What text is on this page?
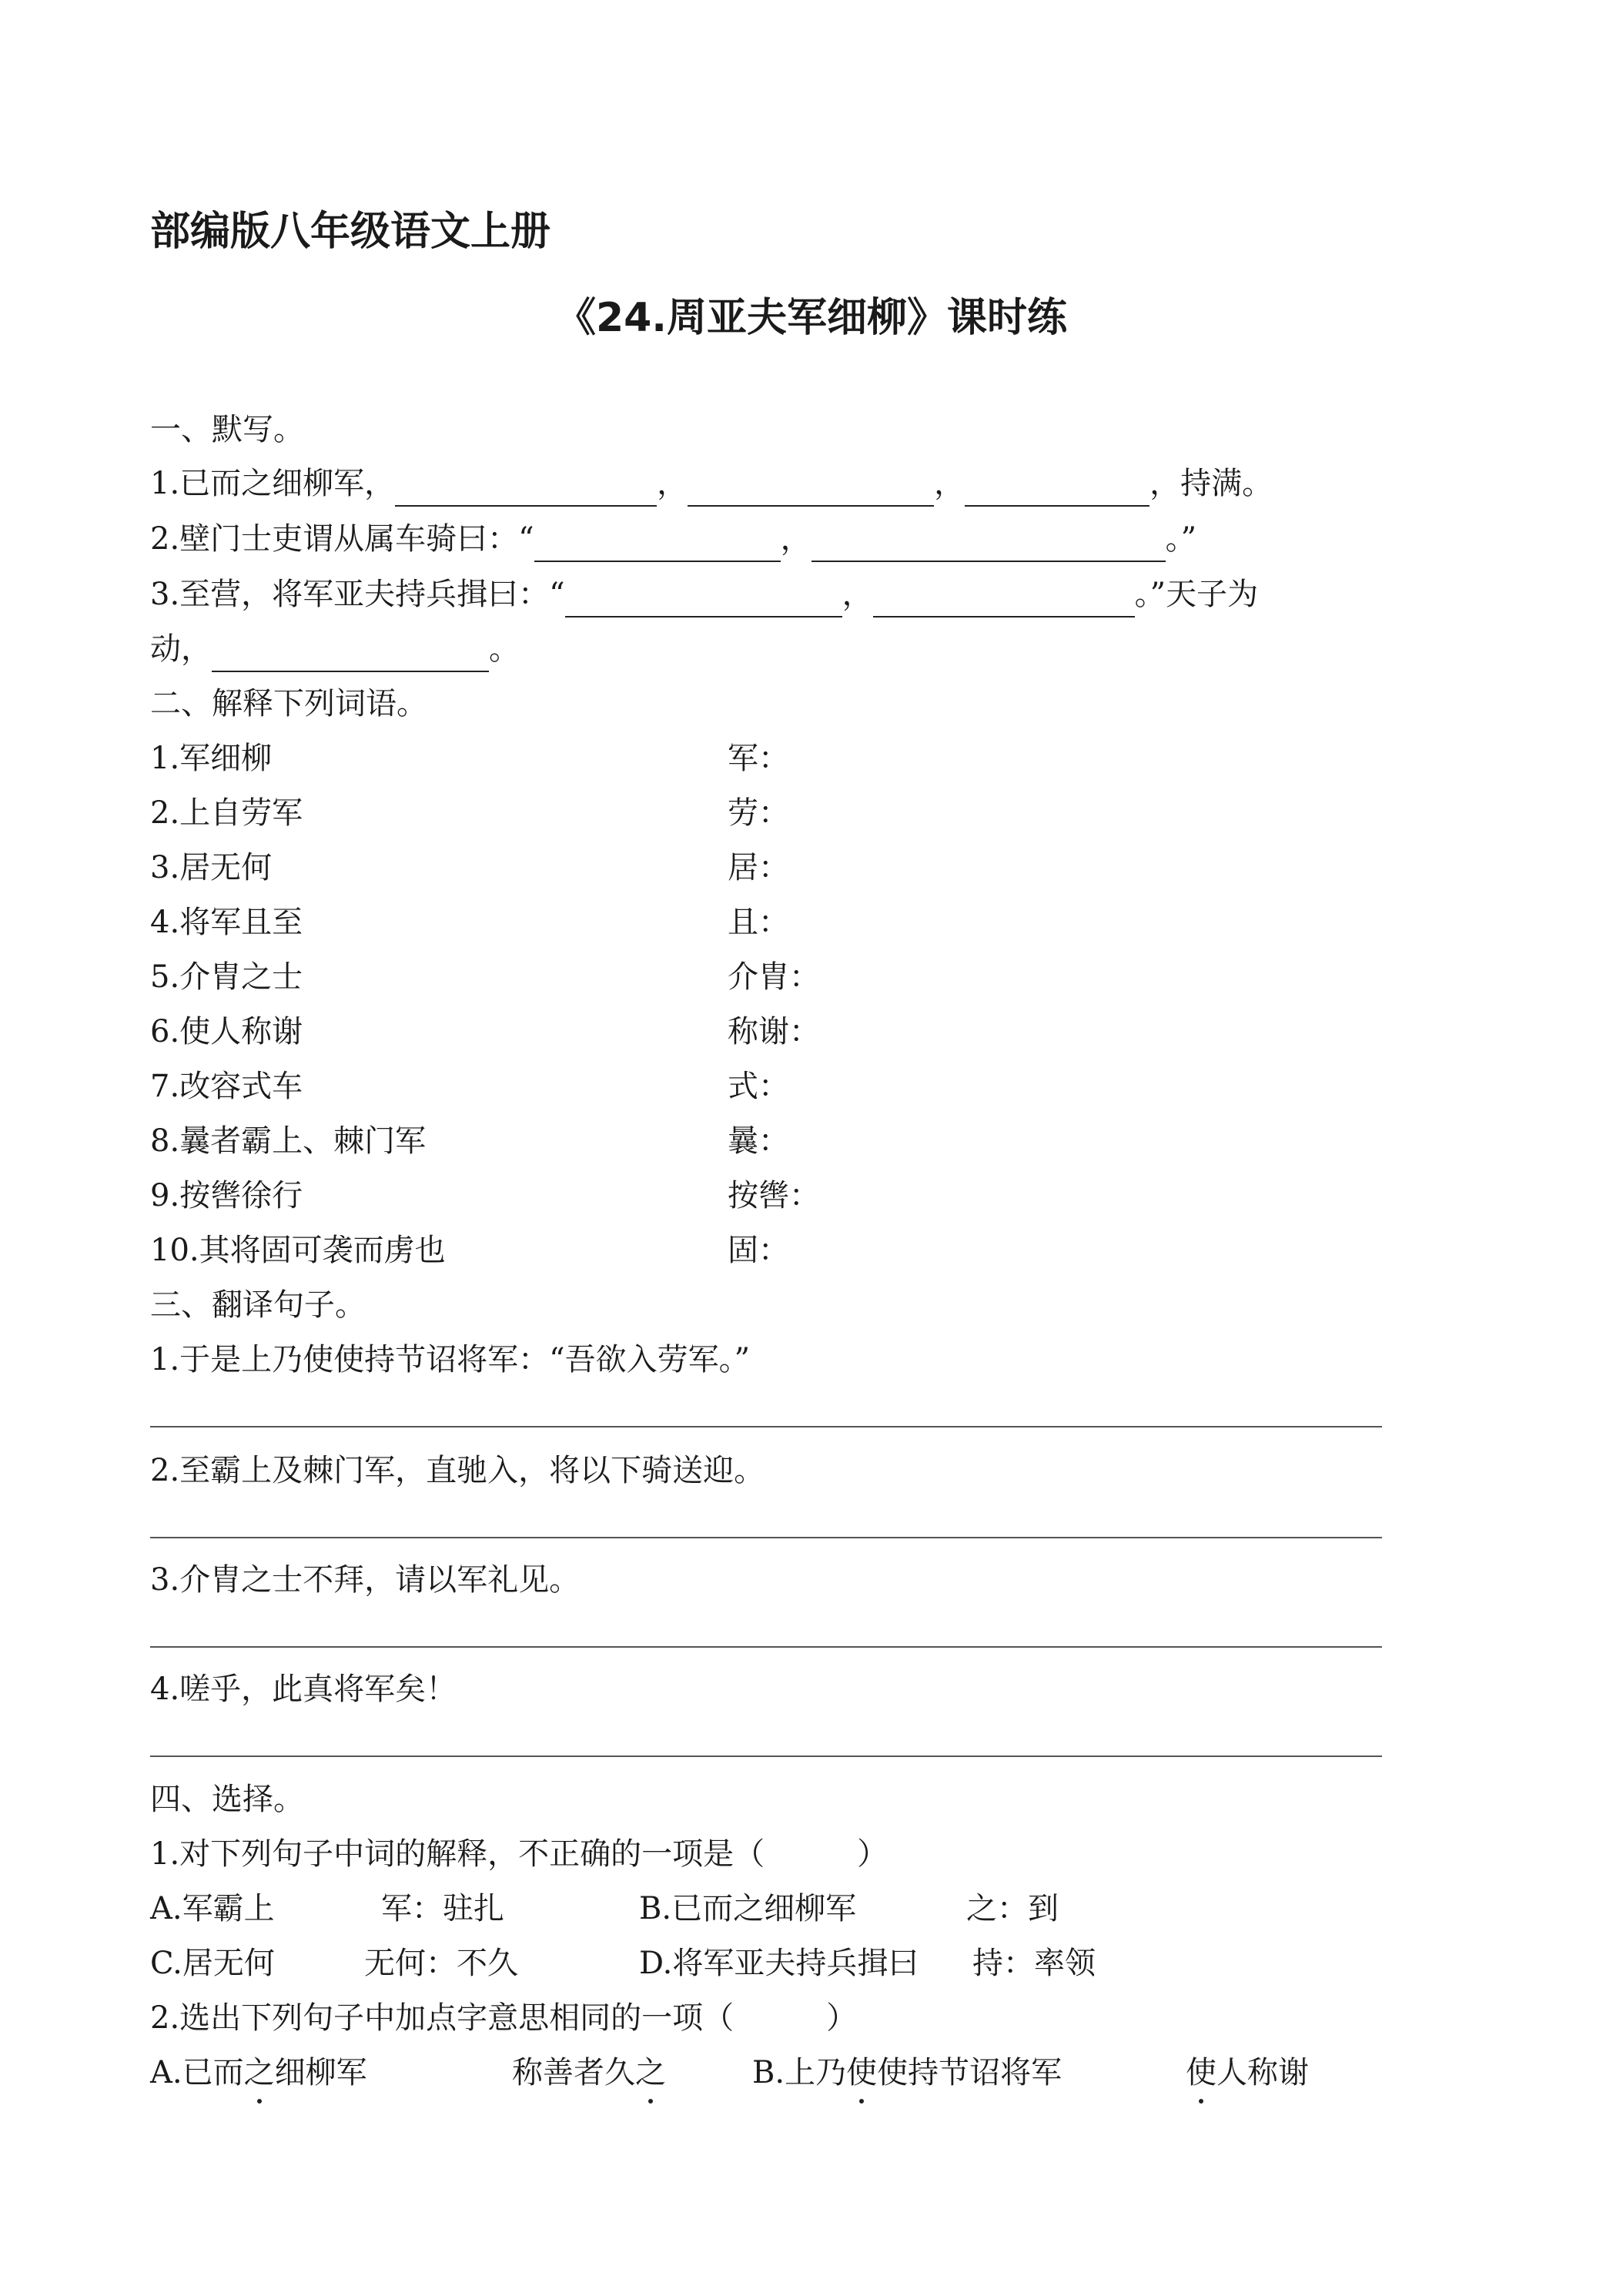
部编版八年级语文上册
《24.周亚夫军细柳》课时练
一、默写。
1.已而之细柳军，	，	，	，持满。
2.壁门士吏谓从属车骑曰：“	，	。”
3.至营，将军亚夫持兵揖曰：“	，	。”天子为
动，	。
二、解释下列词语。
1.军细柳	军：
2.上自劳军	劳：
3.居无何	居：
4.将军且至	且：
5.介胄之士	介胄：
6.使人称谢	称谢：
7.改容式车	式：
8.曩者霸上、棘门军	曩：
9.按辔徐行	按辔：
10.其将固可袭而虏也	固：
三、翻译句子。
1.于是上乃使使持节诏将军：“吾欲入劳军。”
2.至霸上及棘门军，直驰入，将以下骑送迎。
3.介胄之士不拜，请以军礼见。
4.嗟乎，此真将军矣！
四、选择。
1.对下列句子中词的解释，不正确的一项是（　　　）
A.军霸上	军：驻扎	B.已而之细柳军	之：到
C.居无何	无何：不久	D.将军亚夫持兵揖曰 持：率领
2.选出下列句子中加点字意思相同的一项（　　　）
A.已而之细柳军	称善者久之	B.上乃使使持节诏将军	使人称谢
